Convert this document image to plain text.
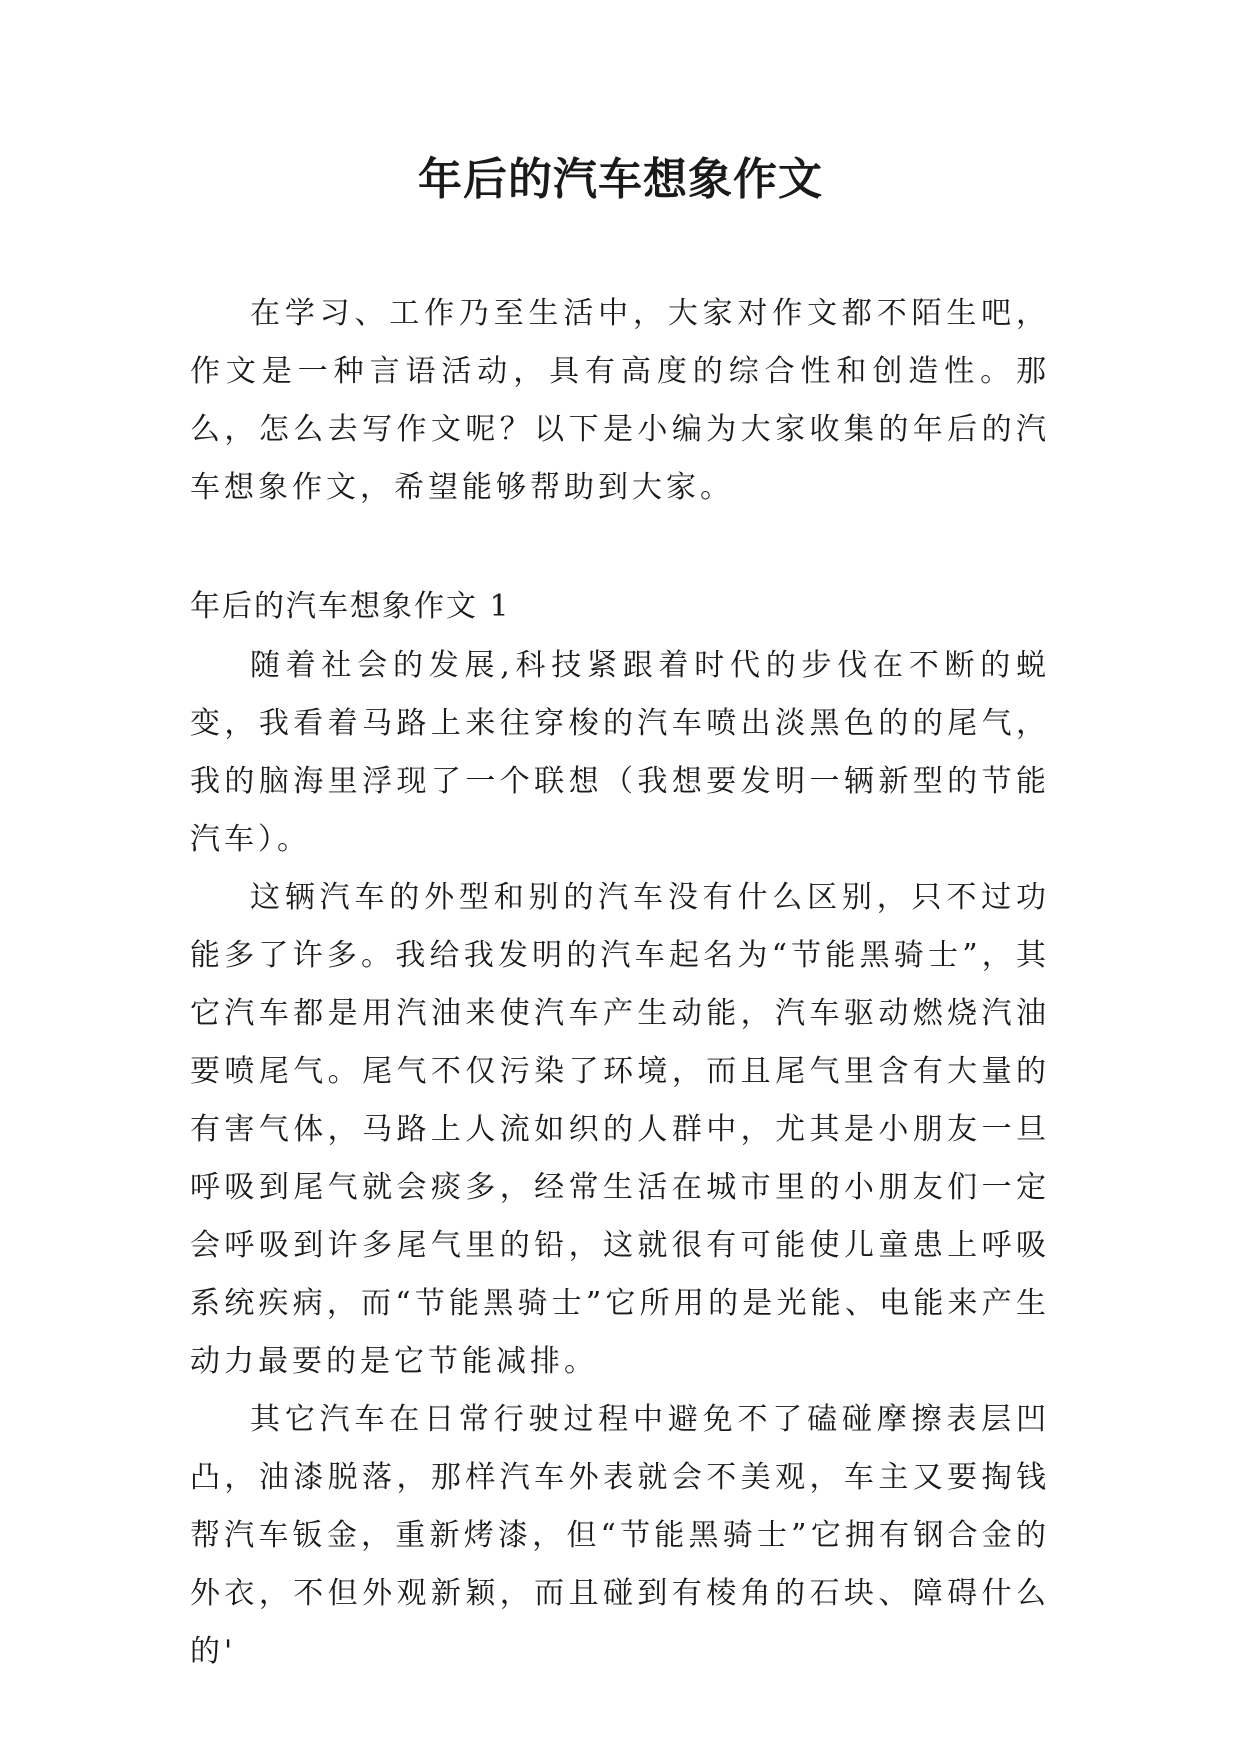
年后的汽车想象作文

在学习、工作乃至生活中，大家对作文都不陌生吧，作文是一种言语活动，具有高度的综合性和创造性。那么，怎么去写作文呢？以下是小编为大家收集的年后的汽车想象作文，希望能够帮助到大家。

年后的汽车想象作文 1

随着社会的发展,科技紧跟着时代的步伐在不断的蜕变，我看着马路上来往穿梭的汽车喷出淡黑色的的尾气，我的脑海里浮现了一个联想（我想要发明一辆新型的节能汽车）。

这辆汽车的外型和别的汽车没有什么区别，只不过功能多了许多。我给我发明的汽车起名为“节能黑骑士”，其它汽车都是用汽油来使汽车产生动能，汽车驱动燃烧汽油要喷尾气。尾气不仅污染了环境，而且尾气里含有大量的有害气体，马路上人流如织的人群中，尤其是小朋友一旦呼吸到尾气就会痰多，经常生活在城市里的小朋友们一定会呼吸到许多尾气里的铅，这就很有可能使儿童患上呼吸系统疾病，而“节能黑骑士”它所用的是光能、电能来产生动力最要的是它节能减排。

其它汽车在日常行驶过程中避免不了磕碰摩擦表层凹凸，油漆脱落，那样汽车外表就会不美观，车主又要掏钱帮汽车钣金，重新烤漆，但“节能黑骑士”它拥有钢合金的外衣，不但外观新颖，而且碰到有棱角的石块、障碍什么的'
